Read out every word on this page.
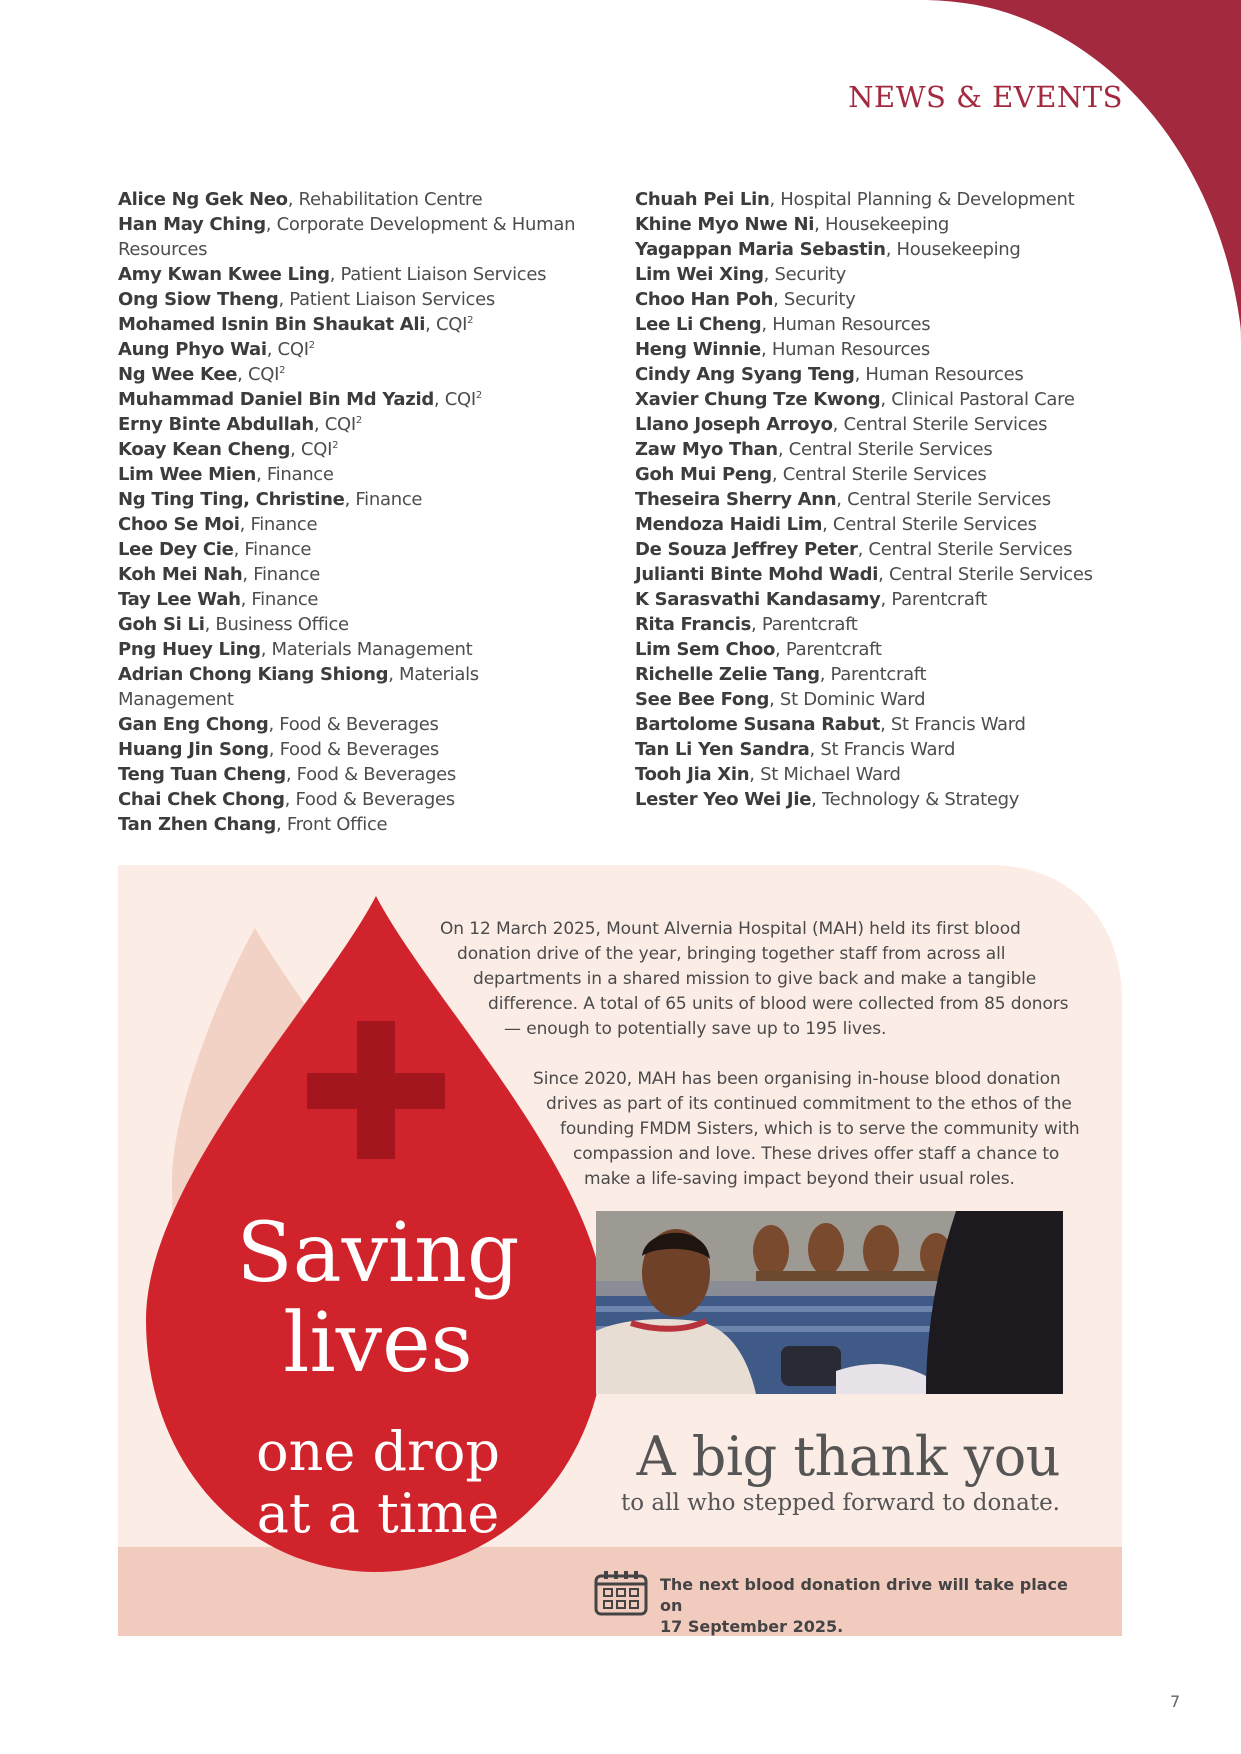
NEWS & EVENTS
Alice Ng Gek Neo, Rehabilitation Centre
Han May Ching, Corporate Development & Human
Resources
Amy Kwan Kwee Ling, Patient Liaison Services
Ong Siow Theng, Patient Liaison Services
Mohamed Isnin Bin Shaukat Ali, CQI$^2$
Aung Phyo Wai, CQI$^2$
Ng Wee Kee, CQI$^2$
Muhammad Daniel Bin Md Yazid, CQI$^2$
Erny Binte Abdullah, CQI$^2$
Koay Kean Cheng, CQI$^2$
Lim Wee Mien, Finance
Ng Ting Ting, Christine, Finance
Choo Se Moi, Finance
Lee Dey Cie, Finance
Koh Mei Nah, Finance
Tay Lee Wah, Finance
Goh Si Li, Business Office
Png Huey Ling, Materials Management
Adrian Chong Kiang Shiong, Materials Management
Gan Eng Chong, Food & Beverages
Huang Jin Song, Food & Beverages
Teng Tuan Cheng, Food & Beverages
Chai Chek Chong, Food & Beverages
Tan Zhen Chang, Front Office
Chuah Pei Lin, Hospital Planning & Development
Khine Myo Nwe Ni, Housekeeping
Yagappan Maria Sebastin, Housekeeping
Lim Wei Xing, Security
Choo Han Poh, Security
Lee Li Cheng, Human Resources
Heng Winnie, Human Resources
Cindy Ang Syang Teng, Human Resources
Xavier Chung Tze Kwong, Clinical Pastoral Care
Llano Joseph Arroyo, Central Sterile Services
Zaw Myo Than, Central Sterile Services
Goh Mui Peng, Central Sterile Services
Theseira Sherry Ann, Central Sterile Services
Mendoza Haidi Lim, Central Sterile Services
De Souza Jeffrey Peter, Central Sterile Services
Julianti Binte Mohd Wadi, Central Sterile Services
K Sarasvathi Kandasamy, Parentcraft
Rita Francis, Parentcraft
Lim Sem Choo, Parentcraft
Richelle Zelie Tang, Parentcraft
See Bee Fong, St Dominic Ward
Bartolome Susana Rabut, St Francis Ward
Tan Li Yen Sandra, St Francis Ward
Tooh Jia Xin, St Michael Ward
Lester Yeo Wei Jie, Technology & Strategy
On 12 March 2025, Mount Alvernia Hospital (MAH) held its first blood
donation drive of the year, bringing together staff from across all
departments in a shared mission to give back and make a tangible
difference. A total of 65 units of blood were collected from 85 donors
— enough to potentially save up to 195 lives.
Since 2020, MAH has been organising in-house blood donation
drives as part of its continued commitment to the ethos of the
founding FMDM Sisters, which is to serve the community with
compassion and love. These drives offer staff a chance to
make a life-saving impact beyond their usual roles.
Saving
lives
one drop
at a time
A big thank you
to all who stepped forward to donate.
The next blood donation drive will take place on
17 September 2025.
7
